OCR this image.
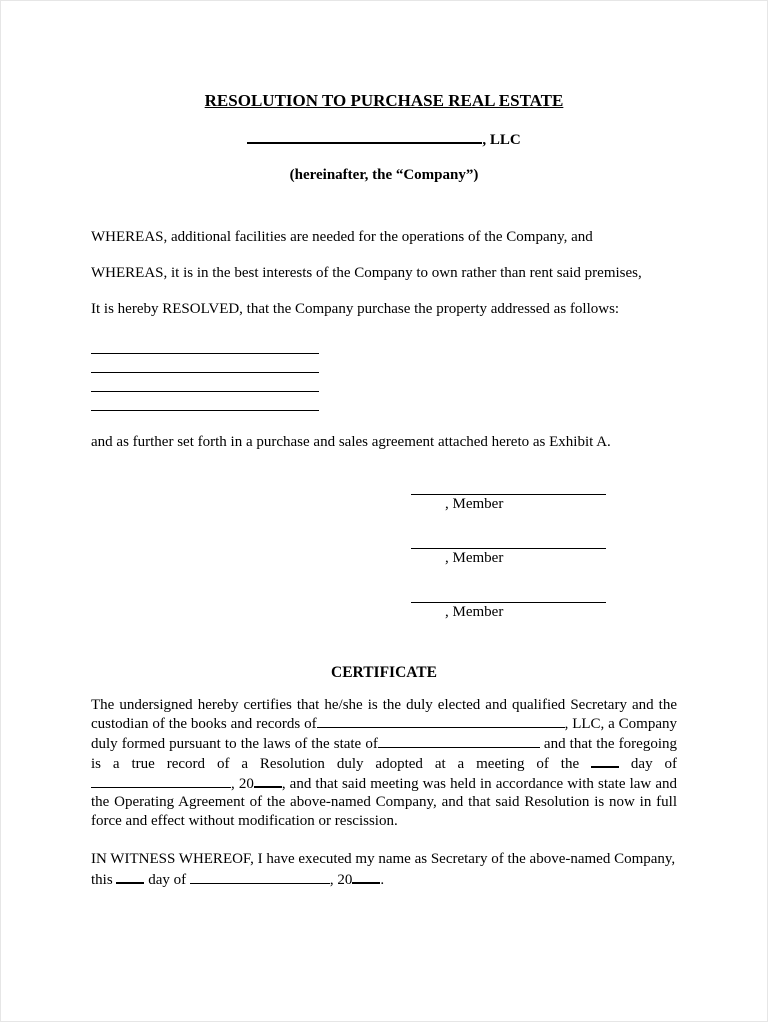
RESOLUTION TO PURCHASE REAL ESTATE
, LLC
(hereinafter, the “Company”)

WHEREAS, additional facilities are needed for the operations of the Company, and

WHEREAS, it is in the best interests of the Company to own rather than rent said premises,

It is hereby RESOLVED, that the Company purchase the property addressed as follows:

and as further set forth in a purchase and sales agreement attached hereto as Exhibit A.

, Member
, Member
, Member
CERTIFICATE

The undersigned hereby certifies that he/she is the duly elected and qualified Secretary and the custodian of the books and records of	, LLC, a Company duly formed pursuant to the laws of the state of	and that the foregoing is a true record of a Resolution duly adopted at a meeting of the  day of , 20 , and that said meeting was held in accordance with state law and the Operating Agreement of the above-named Company, and that said Resolution is now in full force and effect without modification or rescission.

IN WITNESS WHEREOF, I have executed my name as Secretary of the above-named Company, this  day of	, 20 .
